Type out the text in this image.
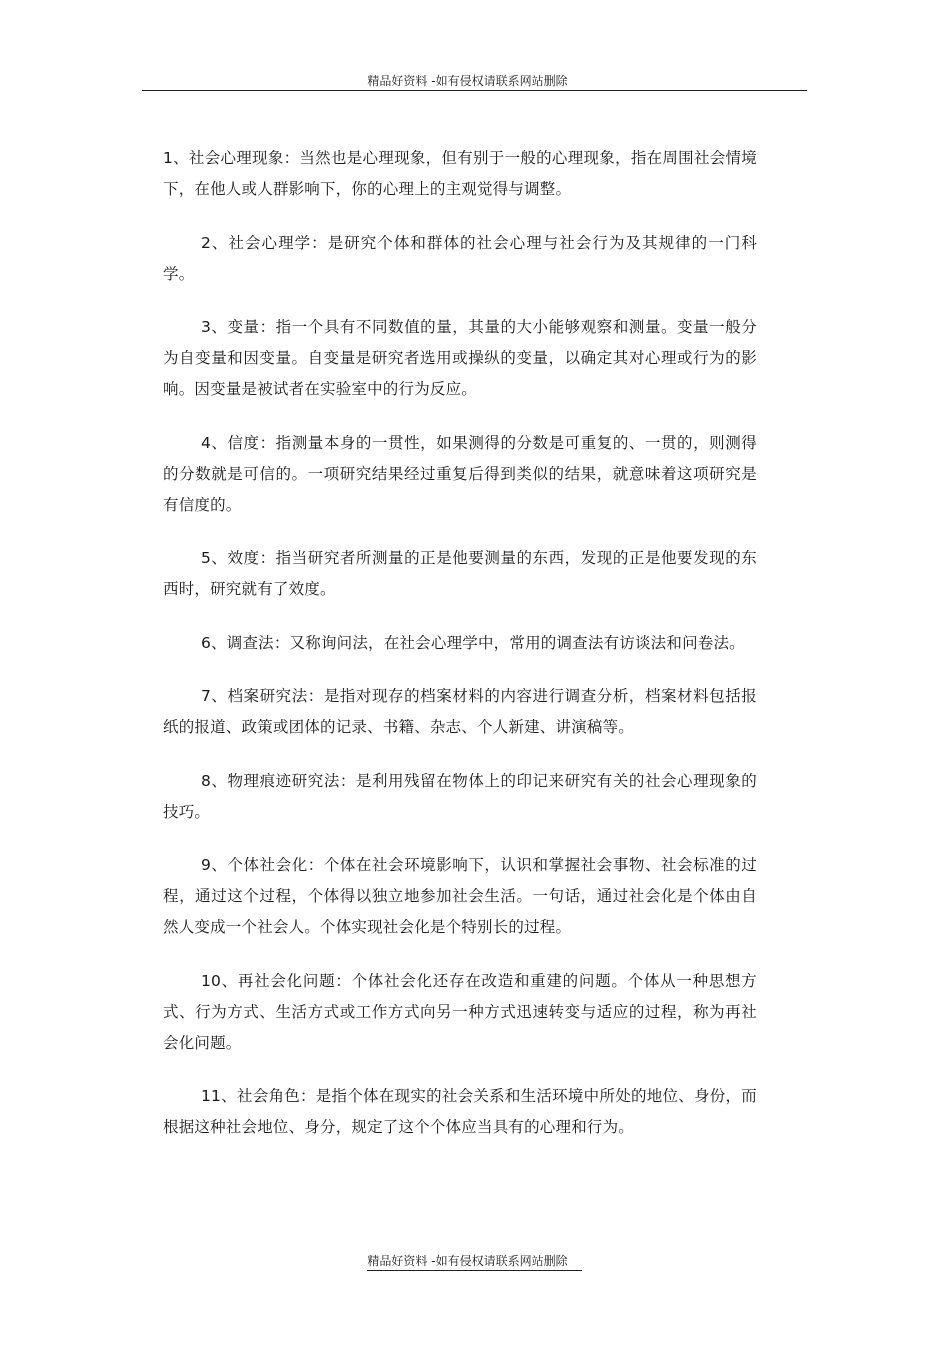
精品好资料 -如有侵权请联系网站删除

1、社会心理现象：当然也是心理现象，但有别于一般的心理现象，指在周围社会情境下，在他人或人群影响下，你的心理上的主观觉得与调整。

2、社会心理学：是研究个体和群体的社会心理与社会行为及其规律的一门科学。

3、变量：指一个具有不同数值的量，其量的大小能够观察和测量。变量一般分为自变量和因变量。自变量是研究者选用或操纵的变量，以确定其对心理或行为的影响。因变量是被试者在实验室中的行为反应。

4、信度：指测量本身的一贯性，如果测得的分数是可重复的、一贯的，则测得的分数就是可信的。一项研究结果经过重复后得到类似的结果，就意味着这项研究是有信度的。

5、效度：指当研究者所测量的正是他要测量的东西，发现的正是他要发现的东西时，研究就有了效度。

6、调查法：又称询问法，在社会心理学中，常用的调查法有访谈法和问卷法。

7、档案研究法：是指对现存的档案材料的内容进行调查分析，档案材料包括报纸的报道、政策或团体的记录、书籍、杂志、个人新建、讲演稿等。

8、物理痕迹研究法：是利用残留在物体上的印记来研究有关的社会心理现象的技巧。

9、个体社会化：个体在社会环境影响下，认识和掌握社会事物、社会标准的过程，通过这个过程，个体得以独立地参加社会生活。一句话，通过社会化是个体由自然人变成一个社会人。个体实现社会化是个特别长的过程。

10、再社会化问题：个体社会化还存在改造和重建的问题。个体从一种思想方式、行为方式、生活方式或工作方式向另一种方式迅速转变与适应的过程，称为再社会化问题。

11、社会角色：是指个体在现实的社会关系和生活环境中所处的地位、身份，而根据这种社会地位、身分，规定了这个个体应当具有的心理和行为。

精品好资料 -如有侵权请联系网站删除
